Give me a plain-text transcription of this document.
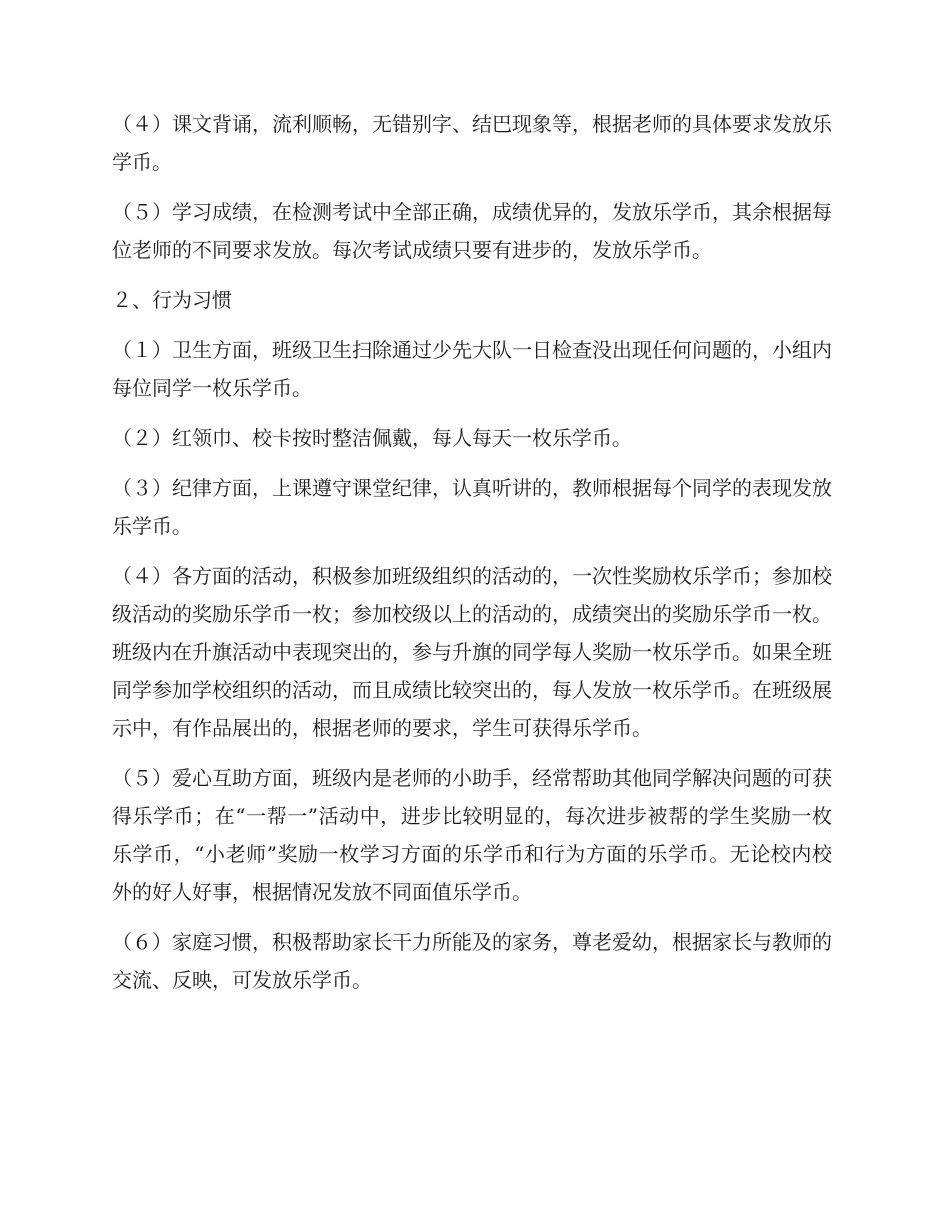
（４）课文背诵，流利顺畅，无错别字、结巴现象等，根据老师的具体要求发放乐学币。

（５）学习成绩，在检测考试中全部正确，成绩优异的，发放乐学币，其余根据每位老师的不同要求发放。每次考试成绩只要有进步的，发放乐学币。

２、行为习惯

（１）卫生方面，班级卫生扫除通过少先大队一日检查没出现任何问题的，小组内每位同学一枚乐学币。

（２）红领巾、校卡按时整洁佩戴，每人每天一枚乐学币。

（３）纪律方面，上课遵守课堂纪律，认真听讲的，教师根据每个同学的表现发放乐学币。

（４）各方面的活动，积极参加班级组织的活动的，一次性奖励枚乐学币；参加校级活动的奖励乐学币一枚；参加校级以上的活动的，成绩突出的奖励乐学币一枚。班级内在升旗活动中表现突出的，参与升旗的同学每人奖励一枚乐学币。如果全班同学参加学校组织的活动，而且成绩比较突出的，每人发放一枚乐学币。在班级展示中，有作品展出的，根据老师的要求，学生可获得乐学币。

（５）爱心互助方面，班级内是老师的小助手，经常帮助其他同学解决问题的可获得乐学币；在“一帮一”活动中，进步比较明显的，每次进步被帮的学生奖励一枚乐学币，“小老师”奖励一枚学习方面的乐学币和行为方面的乐学币。无论校内校外的好人好事，根据情况发放不同面值乐学币。

（６）家庭习惯，积极帮助家长干力所能及的家务，尊老爱幼，根据家长与教师的交流、反映，可发放乐学币。
